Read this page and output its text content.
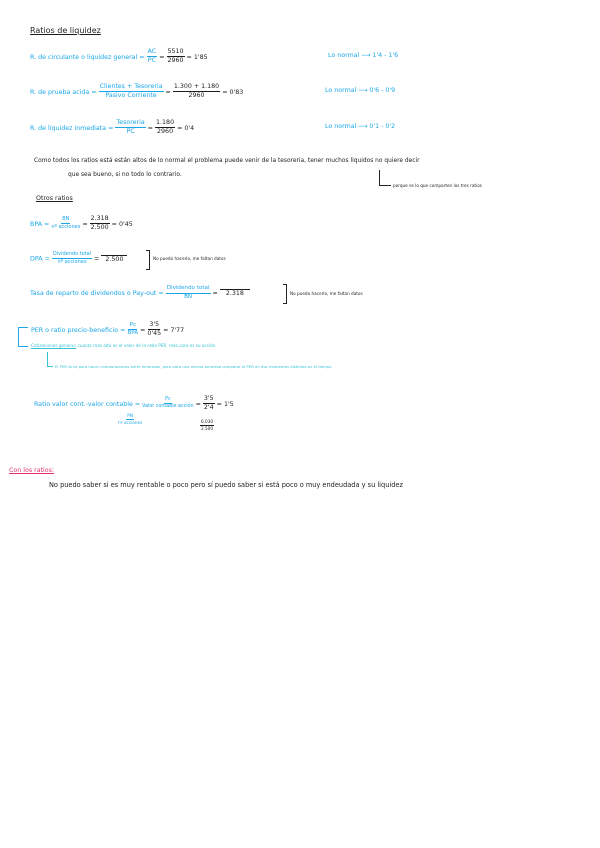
Ratios de liquidez
R. de circulante o liquidez general = $\frac{AC}{PC} = \frac{5510}{2960} = 1'85$	Lo normal ⟶ 1'4 - 1'6
R. de prueba acida = $\frac{\text{Clientes + Tesoreria}}{\text{Pasivo Corriente}} = \frac{1.300 + 1.180}{2960} = 0'83$	Lo normal ⟶ 0'6 - 0'9
R. de liquidez inmediata = $\frac{\text{Tesoreria}}{PC} = \frac{1.180}{2960} = 0'4$	Lo normal ⟶ 0'1 - 0'2
Como todos los ratios está están altos de lo normal el problema puede venir de la tesoreria, tener muchos liquidos no quiere decir
que sea bueno, si no todo lo contrario.
porque es lo que comparten los tres ratios
Otros ratios
BPA = $\frac{BN}{\text{nº acciones}} = \frac{2.318}{2.500} = 0'45$
DPA = $\frac{\text{Dividendo total}}{\text{nº acciones}} = 2.500$	No puedo hacerlo, me faltan datos
Tasa de reparto de dividendos o $Pay-out = \frac{\text{Dividendo total}}{BN} = 2.318$	No puedo hacerlo, me faltan datos
PER o ratio precio-beneficio = $\frac{Pc}{\text{BPA}} = \frac{3'5}{0'45} = 7'77$
Cotizaciones general: cuanto más alto es el valor de la ratio PER, más cara es su acción
El PER sirve para hacer comparaciones entre empresas, pero para una misma empresa comparar el PER en dos momentos distintos en el tiempo
Ratio valor cont.-valor contable = $\frac{Pc}{\text{Valor contable acción}} = \frac{3'5}{2'4} = 1'5$
$\frac{PN}{\text{nº acciones}}$
$\frac{6.030}{2.500}$
Con los ratios:
No puedo saber si es muy rentable o poco pero sí puedo saber si está poco o muy endeudada y su liquidez
